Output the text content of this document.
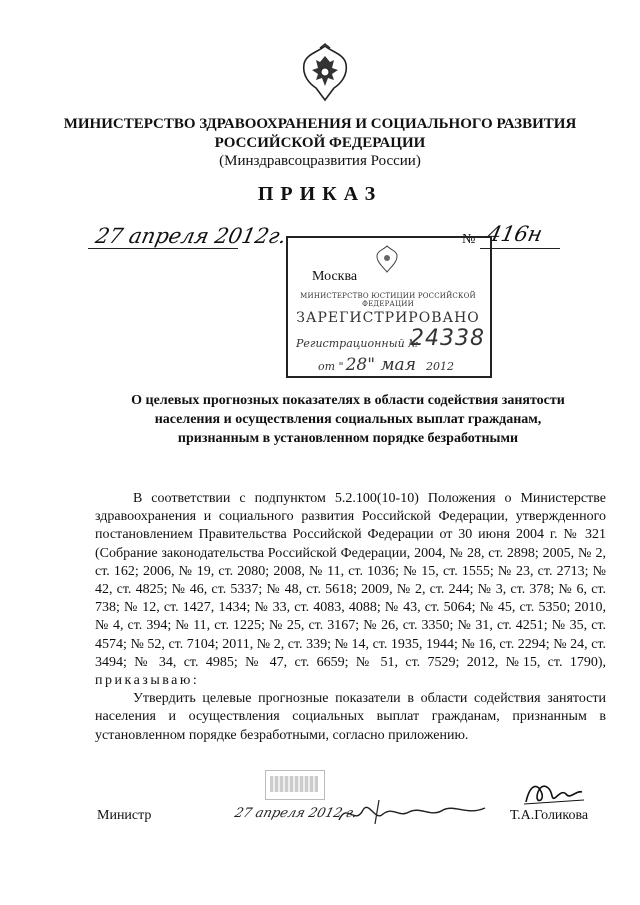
МИНИСТЕРСТВО ЗДРАВООХРАНЕНИЯ И СОЦИАЛЬНОГО РАЗВИТИЯ
РОССИЙСКОЙ ФЕДЕРАЦИИ
(Минздравсоцразвития России)
ПРИКАЗ
27 апреля 2012г.	№ 416н
МИНИСТЕРСТВО ЮСТИЦИИ РОССИЙСКОЙ ФЕДЕРАЦИИ
ЗАРЕГИСТРИРОВАНО
Регистрационный №
24338
от " 28" мая 2012
Москва
О целевых прогнозных показателях в области содействия занятости
населения и осуществления социальных выплат гражданам,
признанным в установленном порядке безработными

В соответствии с подпунктом 5.2.100(10-10) Положения о Министерстве здравоохранения и социального развития Российской Федерации, утвержденного постановлением Правительства Российской Федерации от 30 июня 2004 г. № 321 (Собрание законодательства Российской Федерации, 2004, № 28, ст. 2898; 2005, № 2, ст. 162; 2006, № 19, ст. 2080; 2008, № 11, ст. 1036; № 15, ст. 1555; № 23, ст. 2713; № 42, ст. 4825; № 46, ст. 5337; № 48, ст. 5618; 2009, № 2, ст. 244; № 3, ст. 378; № 6, ст. 738; № 12, ст. 1427, 1434; № 33, ст. 4083, 4088; № 43, ст. 5064; № 45, ст. 5350; 2010, № 4, ст. 394; № 11, ст. 1225; № 25, ст. 3167; № 26, ст. 3350; № 31, ст. 4251; № 35, ст. 4574; № 52, ст. 7104; 2011, № 2, ст. 339; № 14, ст. 1935, 1944; № 16, ст. 2294; № 24, ст. 3494; № 34, ст. 4985; № 47, ст. 6659; № 51, ст. 7529; 2012, №15, ст. 1790), приказываю:

Утвердить целевые прогнозные показатели в области содействия занятости населения и осуществления социальных выплат гражданам, признанным в установленном порядке безработными, согласно приложению.

Министр	27 апреля 2012 г.	Т.А.Голикова
